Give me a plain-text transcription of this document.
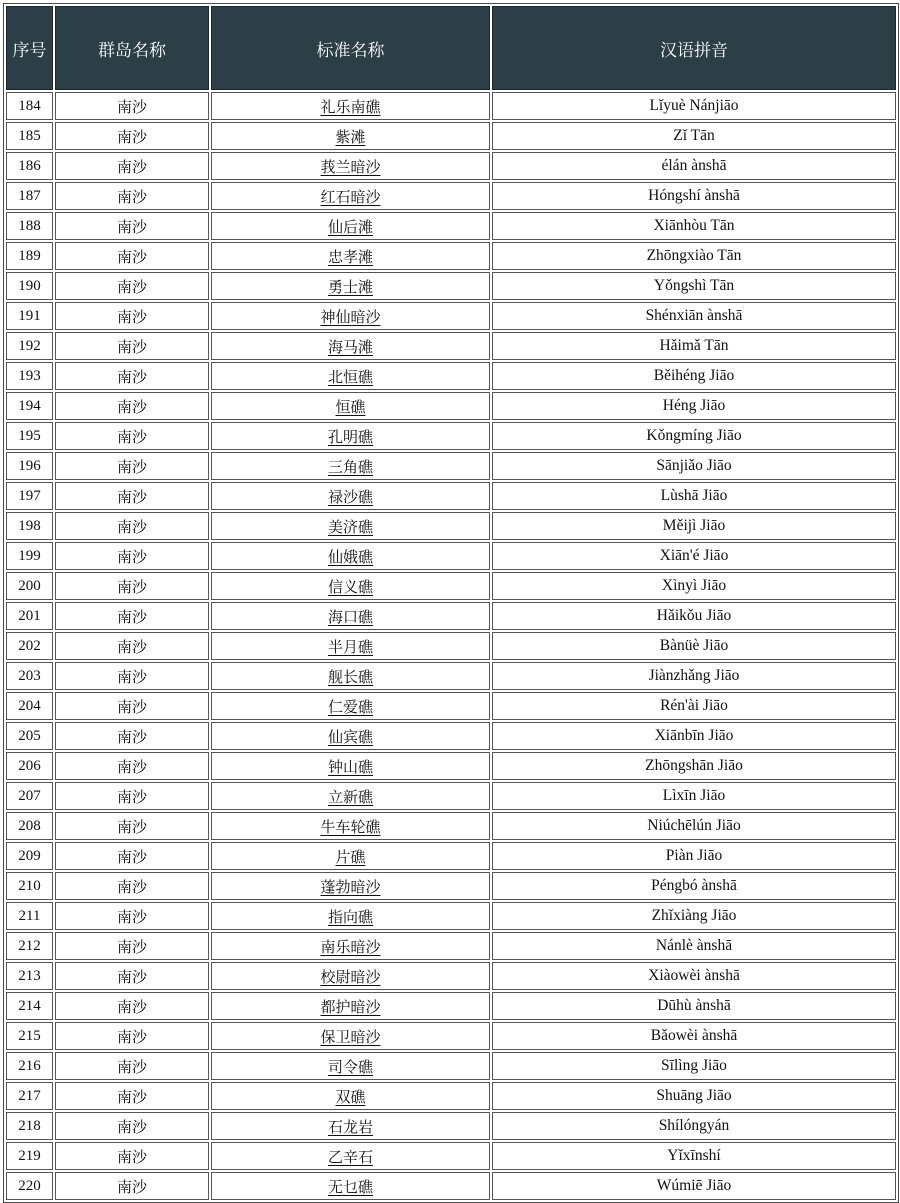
序号	群岛名称	标准名称	汉语拼音
184	南沙	礼乐南礁	Lǐyuè Nánjiāo
185	南沙	紫滩	Zǐ Tān
186	南沙	莪兰暗沙	élán ànshā
187	南沙	红石暗沙	Hóngshí ànshā
188	南沙	仙后滩	Xiānhòu Tān
189	南沙	忠孝滩	Zhōngxiào Tān
190	南沙	勇士滩	Yǒngshì Tān
191	南沙	神仙暗沙	Shénxiān ànshā
192	南沙	海马滩	Hǎimǎ Tān
193	南沙	北恒礁	Běihéng Jiāo
194	南沙	恒礁	Héng Jiāo
195	南沙	孔明礁	Kǒngmíng Jiāo
196	南沙	三角礁	Sānjiǎo Jiāo
197	南沙	禄沙礁	Lùshā Jiāo
198	南沙	美济礁	Měijì Jiāo
199	南沙	仙娥礁	Xiān'é Jiāo
200	南沙	信义礁	Xìnyì Jiāo
201	南沙	海口礁	Hǎikǒu Jiāo
202	南沙	半月礁	Bànüè Jiāo
203	南沙	舰长礁	Jiànzhǎng Jiāo
204	南沙	仁爱礁	Rén'ài Jiāo
205	南沙	仙宾礁	Xiānbīn Jiāo
206	南沙	钟山礁	Zhōngshān Jiāo
207	南沙	立新礁	Lìxīn Jiāo
208	南沙	牛车轮礁	Niúchēlún Jiāo
209	南沙	片礁	Piàn Jiāo
210	南沙	蓬勃暗沙	Péngbó ànshā
211	南沙	指向礁	Zhǐxiàng Jiāo
212	南沙	南乐暗沙	Nánlè ànshā
213	南沙	校尉暗沙	Xiàowèi ànshā
214	南沙	都护暗沙	Dūhù ànshā
215	南沙	保卫暗沙	Bǎowèi ànshā
216	南沙	司令礁	Sīlìng Jiāo
217	南沙	双礁	Shuāng Jiāo
218	南沙	石龙岩	Shílóngyán
219	南沙	乙辛石	Yǐxīnshí
220	南沙	无乜礁	Wúmiē Jiāo
